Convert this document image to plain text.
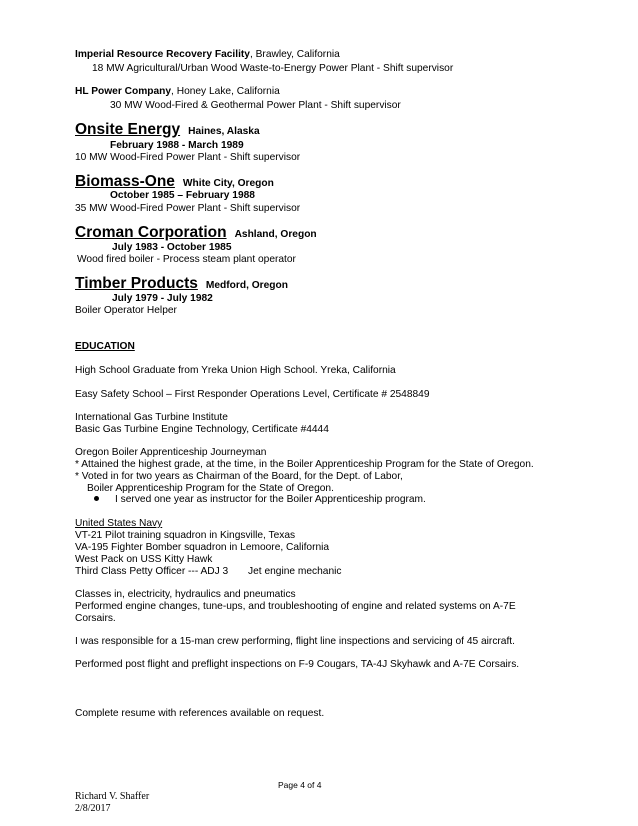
Imperial Resource Recovery Facility, Brawley, California
18 MW Agricultural/Urban Wood Waste-to-Energy Power Plant - Shift supervisor
HL Power Company, Honey Lake, California
30 MW Wood-Fired & Geothermal Power Plant - Shift supervisor
Onsite Energy Haines, Alaska
February 1988 - March 1989
10 MW Wood-Fired Power Plant - Shift supervisor
Biomass-One White City, Oregon
October 1985 – February 1988
35 MW Wood-Fired Power Plant - Shift supervisor
Croman Corporation Ashland, Oregon
July 1983 - October 1985
Wood fired boiler - Process steam plant operator
Timber Products Medford, Oregon
July 1979 - July 1982
Boiler Operator Helper
EDUCATION
High School Graduate from Yreka Union High School. Yreka, California
Easy Safety School – First Responder Operations Level, Certificate # 2548849
International Gas Turbine Institute
Basic Gas Turbine Engine Technology, Certificate #4444
Oregon Boiler Apprenticeship Journeyman
* Attained the highest grade, at the time, in the Boiler Apprenticeship Program for the State of Oregon.
* Voted in for two years as Chairman of the Board, for the Dept. of Labor,
Boiler Apprenticeship Program for the State of Oregon.
I served one year as instructor for the Boiler Apprenticeship program.
United States Navy
VT-21 Pilot training squadron in Kingsville, Texas
VA-195 Fighter Bomber squadron in Lemoore, California
West Pack on USS Kitty Hawk
Third Class Petty Officer --- ADJ 3       Jet engine mechanic
Classes in, electricity, hydraulics and pneumatics
Performed engine changes, tune-ups, and troubleshooting of engine and related systems on A-7E
Corsairs.
I was responsible for a 15-man crew performing, flight line inspections and servicing of 45 aircraft.
Performed post flight and preflight inspections on F-9 Cougars, TA-4J Skyhawk and A-7E Corsairs.
Complete resume with references available on request.
Page 4 of 4
Richard V. Shaffer
2/8/2017
